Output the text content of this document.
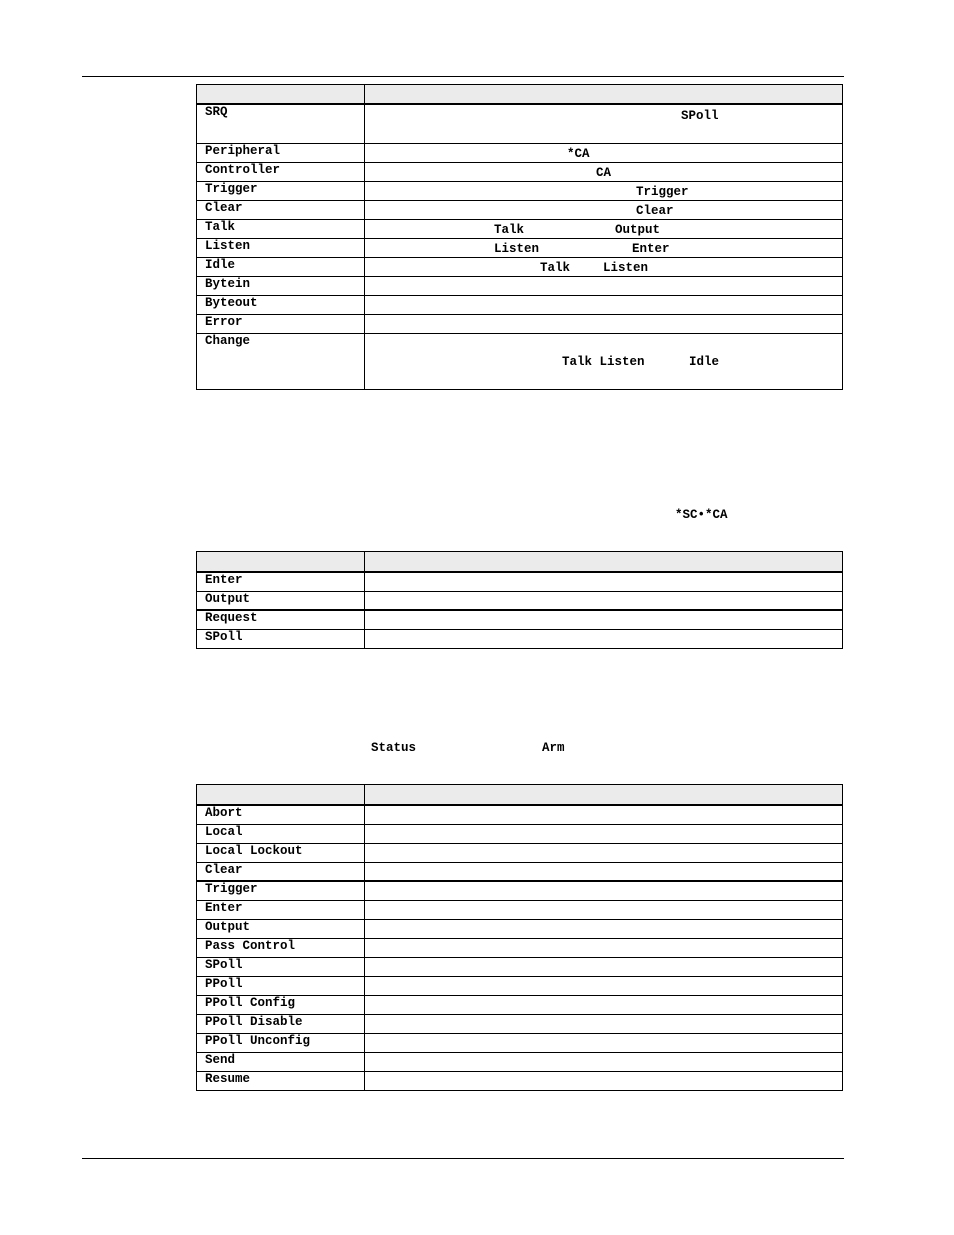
SRQ	SPoll

Peripheral	*CA

Controller	CA

Trigger	Trigger

Clear	Clear

Talk	Talk Output

Listen	Listen Enter

Idle	Talk Listen

Bytein	
Byteout	
Error	
Change	Talk Listen Idle
*SC•*CA

Enter	
Output	
Request	
SPoll	
Status	Arm

Abort	
Local	
Local Lockout	
Clear	
Trigger	
Enter	
Output	
Pass Control	
SPoll	
PPoll	
PPoll Config	
PPoll Disable	
PPoll Unconfig	
Send	
Resume	
